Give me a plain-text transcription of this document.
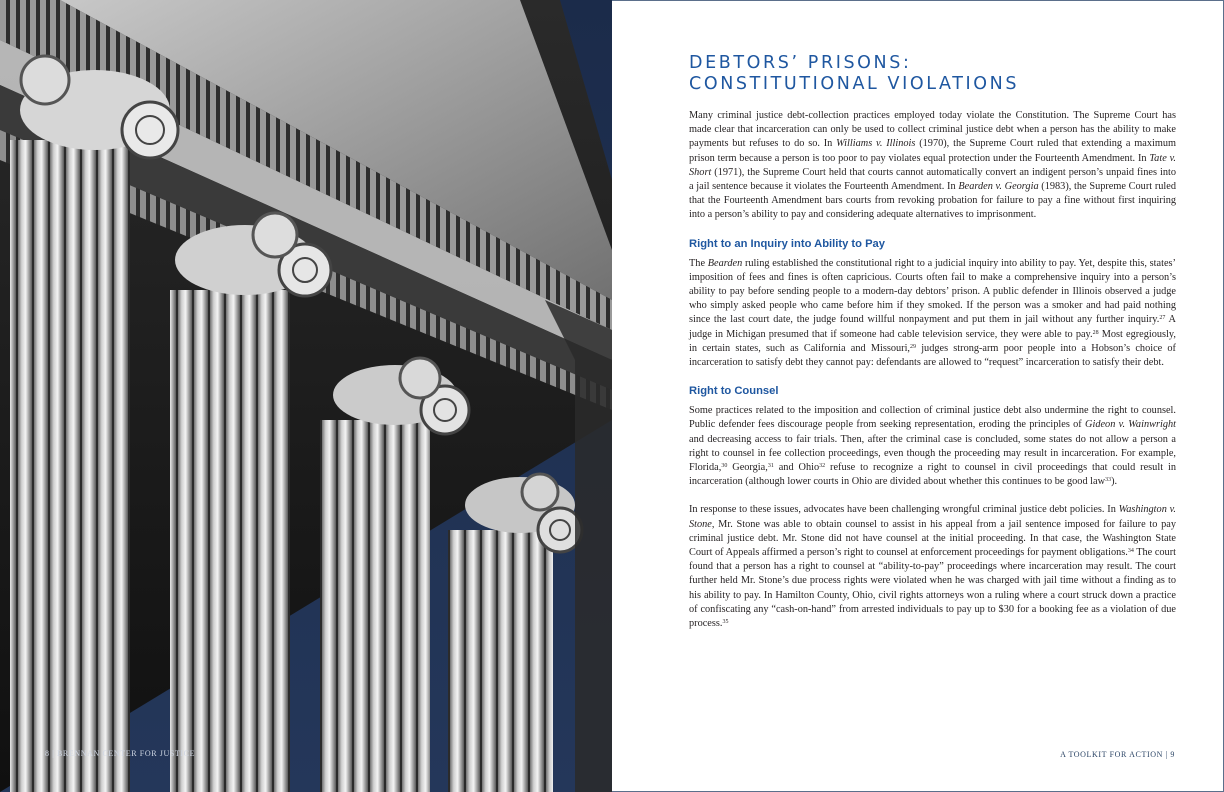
8 | BRENNAN CENTER FOR JUSTICE
DEBTORS’ PRISONS:
CONSTITUTIONAL VIOLATIONS

Many criminal justice debt-collection practices employed today violate the Constitution. The Supreme Court has made clear that incarceration can only be used to collect criminal justice debt when a person has the ability to make payments but refuses to do so. In Williams v. Illinois (1970), the Supreme Court ruled that extending a maximum prison term because a person is too poor to pay violates equal protection under the Fourteenth Amendment. In Tate v. Short (1971), the Supreme Court held that courts cannot automatically convert an indigent person’s unpaid fines into a jail sentence because it violates the Fourteenth Amendment. In Bearden v. Georgia (1983), the Supreme Court ruled that the Fourteenth Amendment bars courts from revoking probation for failure to pay a fine without first inquiring into a person’s ability to pay and considering adequate alternatives to imprisonment.

Right to an Inquiry into Ability to Pay

The Bearden ruling established the constitutional right to a judicial inquiry into ability to pay. Yet, despite this, states’ imposition of fees and fines is often capricious. Courts often fail to make a comprehensive inquiry into a person’s ability to pay before sending people to a modern-day debtors’ prison. A public defender in Illinois observed a judge who simply asked people who came before him if they smoked. If the person was a smoker and had paid nothing since the last court date, the judge found willful nonpayment and put them in jail without any further inquiry.$^{27}$ A judge in Michigan presumed that if someone had cable television service, they were able to pay.$^{28}$ Most egregiously, in certain states, such as California and Missouri,$^{29}$ judges strong-arm poor people into a Hobson’s choice of incarceration to satisfy debt they cannot pay: defendants are allowed to “request” incarceration to satisfy their debt.

Right to Counsel

Some practices related to the imposition and collection of criminal justice debt also undermine the right to counsel. Public defender fees discourage people from seeking representation, eroding the principles of Gideon v. Wainwright and decreasing access to fair trials. Then, after the criminal case is concluded, some states do not allow a person a right to counsel in fee collection proceedings, even though the proceeding may result in incarceration. For example, Florida,$^{30}$ Georgia,$^{31}$ and Ohio$^{32}$ refuse to recognize a right to counsel in civil proceedings that could result in incarceration (although lower courts in Ohio are divided about whether this continues to be good law$^{33}$).

In response to these issues, advocates have been challenging wrongful criminal justice debt policies. In Washington v. Stone, Mr. Stone was able to obtain counsel to assist in his appeal from a jail sentence imposed for failure to pay criminal justice debt. Mr. Stone did not have counsel at the initial proceeding. In that case, the Washington State Court of Appeals affirmed a person’s right to counsel at enforcement proceedings for payment obligations.$^{34}$ The court found that a person has a right to counsel at “ability-to-pay” proceedings where incarceration may result. The court further held Mr. Stone’s due process rights were violated when he was charged with jail time without a finding as to his ability to pay. In Hamilton County, Ohio, civil rights attorneys won a ruling where a court struck down a practice of confiscating any “cash-on-hand” from arrested individuals to pay up to $30 for a booking fee as a violation of due process.$^{35}$

A TOOLKIT FOR ACTION | 9
